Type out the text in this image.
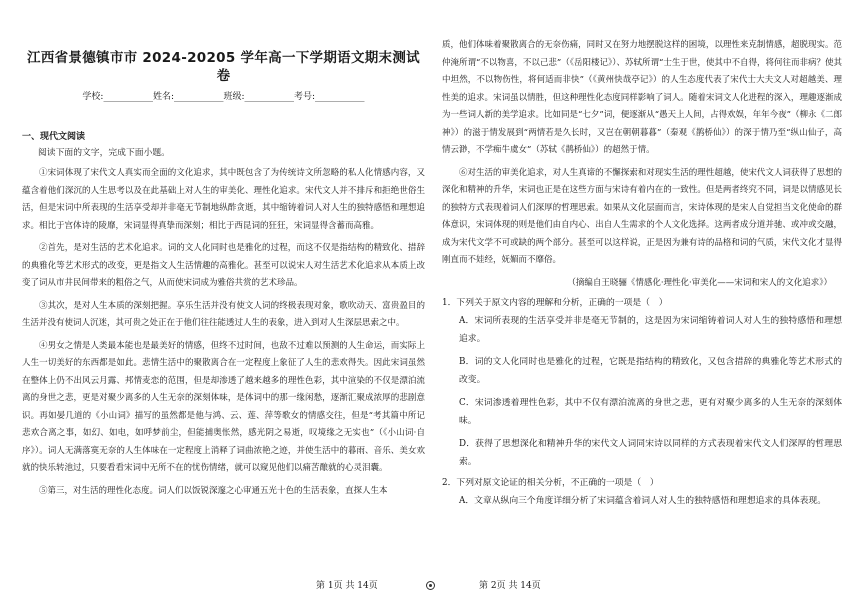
江西省景德镇市市 2024-20205 学年高一下学期语文期末测试卷
学校:___________姓名:___________班级:___________考号:___________
一、现代文阅读
阅读下面的文字，完成下面小题。

①宋词体现了宋代文人真实而全面的文化追求，其中既包含了为传统诗文所忽略的私人化情感内容，又蕴含着他们深沉的人生思考以及在此基础上对人生的审美化、理性化追求。宋代文人并不排斥和拒绝世俗生活，但是宋词中所表现的生活享受却并非毫无节制地纵酢贪逝，其中缩铸着词人对人生的独特感悟和理想追求。相比于宫体诗的陵靡，宋词显得真挚而深刻；相比于西昆词的狂狂，宋词显得含蓄而高雅。

②首先，是对生活的艺术化追求。词的文人化同时也是雅化的过程，而这不仅是指结构的精致化、措辞的典雅化等艺术形式的改变，更是指文人生活情趣的高雅化。甚至可以说宋人对生活艺术化追求从本质上改变了词从市井民间带来的粗俗之气，从而使宋词成为雅俗共赏的艺术珍品。

③其次，是对人生本质的深刻把握。享乐生活并没有使文人词的终极表现对象，歌吹动天、富贵盈目的生活并没有使词人沉迷，其可贵之处正在于他们往往能透过人生的表象，进入到对人生深层思索之中。

④男女之情是人类最本能也是最美好的情感，但终不过时间，也敌不过难以预测的人生命运，而实际上人生一切美好的东西都是如此。悲情生活中的聚散离合在一定程度上象征了人生的悲欢得失。因此宋词虽然在整体上仍不出风云月露、邦情麦恋的范围，但是却渗透了越来越多的理性色彩，其中渲染的不仅是漂泊流离的身世之悲，更是对聚少离多的人生无奈的深刻体味，是体词中的那一缘闲愁，逐渐汇聚成浓厚的悲剧意识。再如晏几道的《小山词》描写的虽然都是他与鸿、云、莲、萍等歌女的情感交往，但是“考其篇中所记悲欢合离之事，如幻、如电，如呼梦前尘，但能捕奥怅然，感光阴之易逝，叹境缘之无实也”（《小山词·自序》）。词人无满落寞无奈的人生体味在一定程度上消释了词曲浓艳之迹，并使生活中的暮雨、音乐、美女欢就的快乐转池过，只要看看宋词中无所不在的忧伤情绪，就可以窥见他们以痛苦酿就的心灵泪囊。

⑤第三，对生活的理性化态度。词人们以饭锐深邃之心审通五光十色的生活表象，直探人生本

质，他们体味着聚散离合的无奈伤痛，同时又在努力地摆脱这样的困境，以理性来克制情感，超脱现实。范仲淹所谓“不以物喜，不以己悲”（《岳阳楼记》）、苏轼所谓“士生于世，使其中不自得，将何往而非病？使其中坦然，不以物伤性，将何适而非快”（《黄州快哉亭记》）的人生态度代表了宋代士大夫文人对超越美、理性美的追求。宋词虽以情胜，但这种理性化态度同样影响了词人。随着宋词文人化进程的深入，理趣逐渐成为一些词人新的美学追求。比如同是“七夕”词，便逐渐从“愚天上人间，占得欢娱，年年今夜”（柳永《二郎神》）的滋于情发展到“两情若是久长时，又岂在朝朝暮暮”（秦观《鹊桥仙》）的深于情乃至“纵山仙子，高情云渺，不学痴牛虞女”（苏轼《鹊桥仙》）的超然于情。

⑥对生活的审美化追求，对人生真谛的不懈探索和对现实生活的理性超越，使宋代文人词获得了思想的深化和精神的升华，宋词也正是在这些方面与宋诗有着内在的一致性。但是两者终究不同，词是以情感见长的独特方式表现着词人们深厚的哲理思索。如果从文化层面而言，宋诗体现的是宋人自觉担当文化使命的群体意识，宋词体现的则是他们由自内心、出自人生需求的个人文化选择。这两者成分道并驰、或冲或交融，成为宋代文学不可或缺的两个部分。甚至可以这样说，正是因为兼有诗的品格和词的气质，宋代文化才显得刚直而不娃经，妩媚而不靡俗。

（摘编自王晓骊《情感化·理性化·审美化——宋词和宋人的文化追求》）
1．下列关于原文内容的理解和分析，正确的一项是（　）
A．宋词所表现的生活享受并非是毫无节制的，这是因为宋词缩铸着词人对人生的独特感悟和理想追求。
B．词的文人化同时也是雅化的过程，它既是指结构的精致化，又包含措辞的典雅化等艺术形式的改变。
C．宋词渗透着理性色彩，其中不仅有漂泊流离的身世之悲，更有对聚少离多的人生无奈的深刻体味。
D．获得了思想深化和精神升华的宋代文人词同宋诗以同样的方式表现着宋代文人们深厚的哲理思索。
2．下列对原文论证的相关分析，不正确的一项是（　）
A．文章从纵向三个角度详细分析了宋词蕴含着词人对人生的独特感悟和理想追求的具体表现。
第 1页 共 14页	第 2页 共 14页
